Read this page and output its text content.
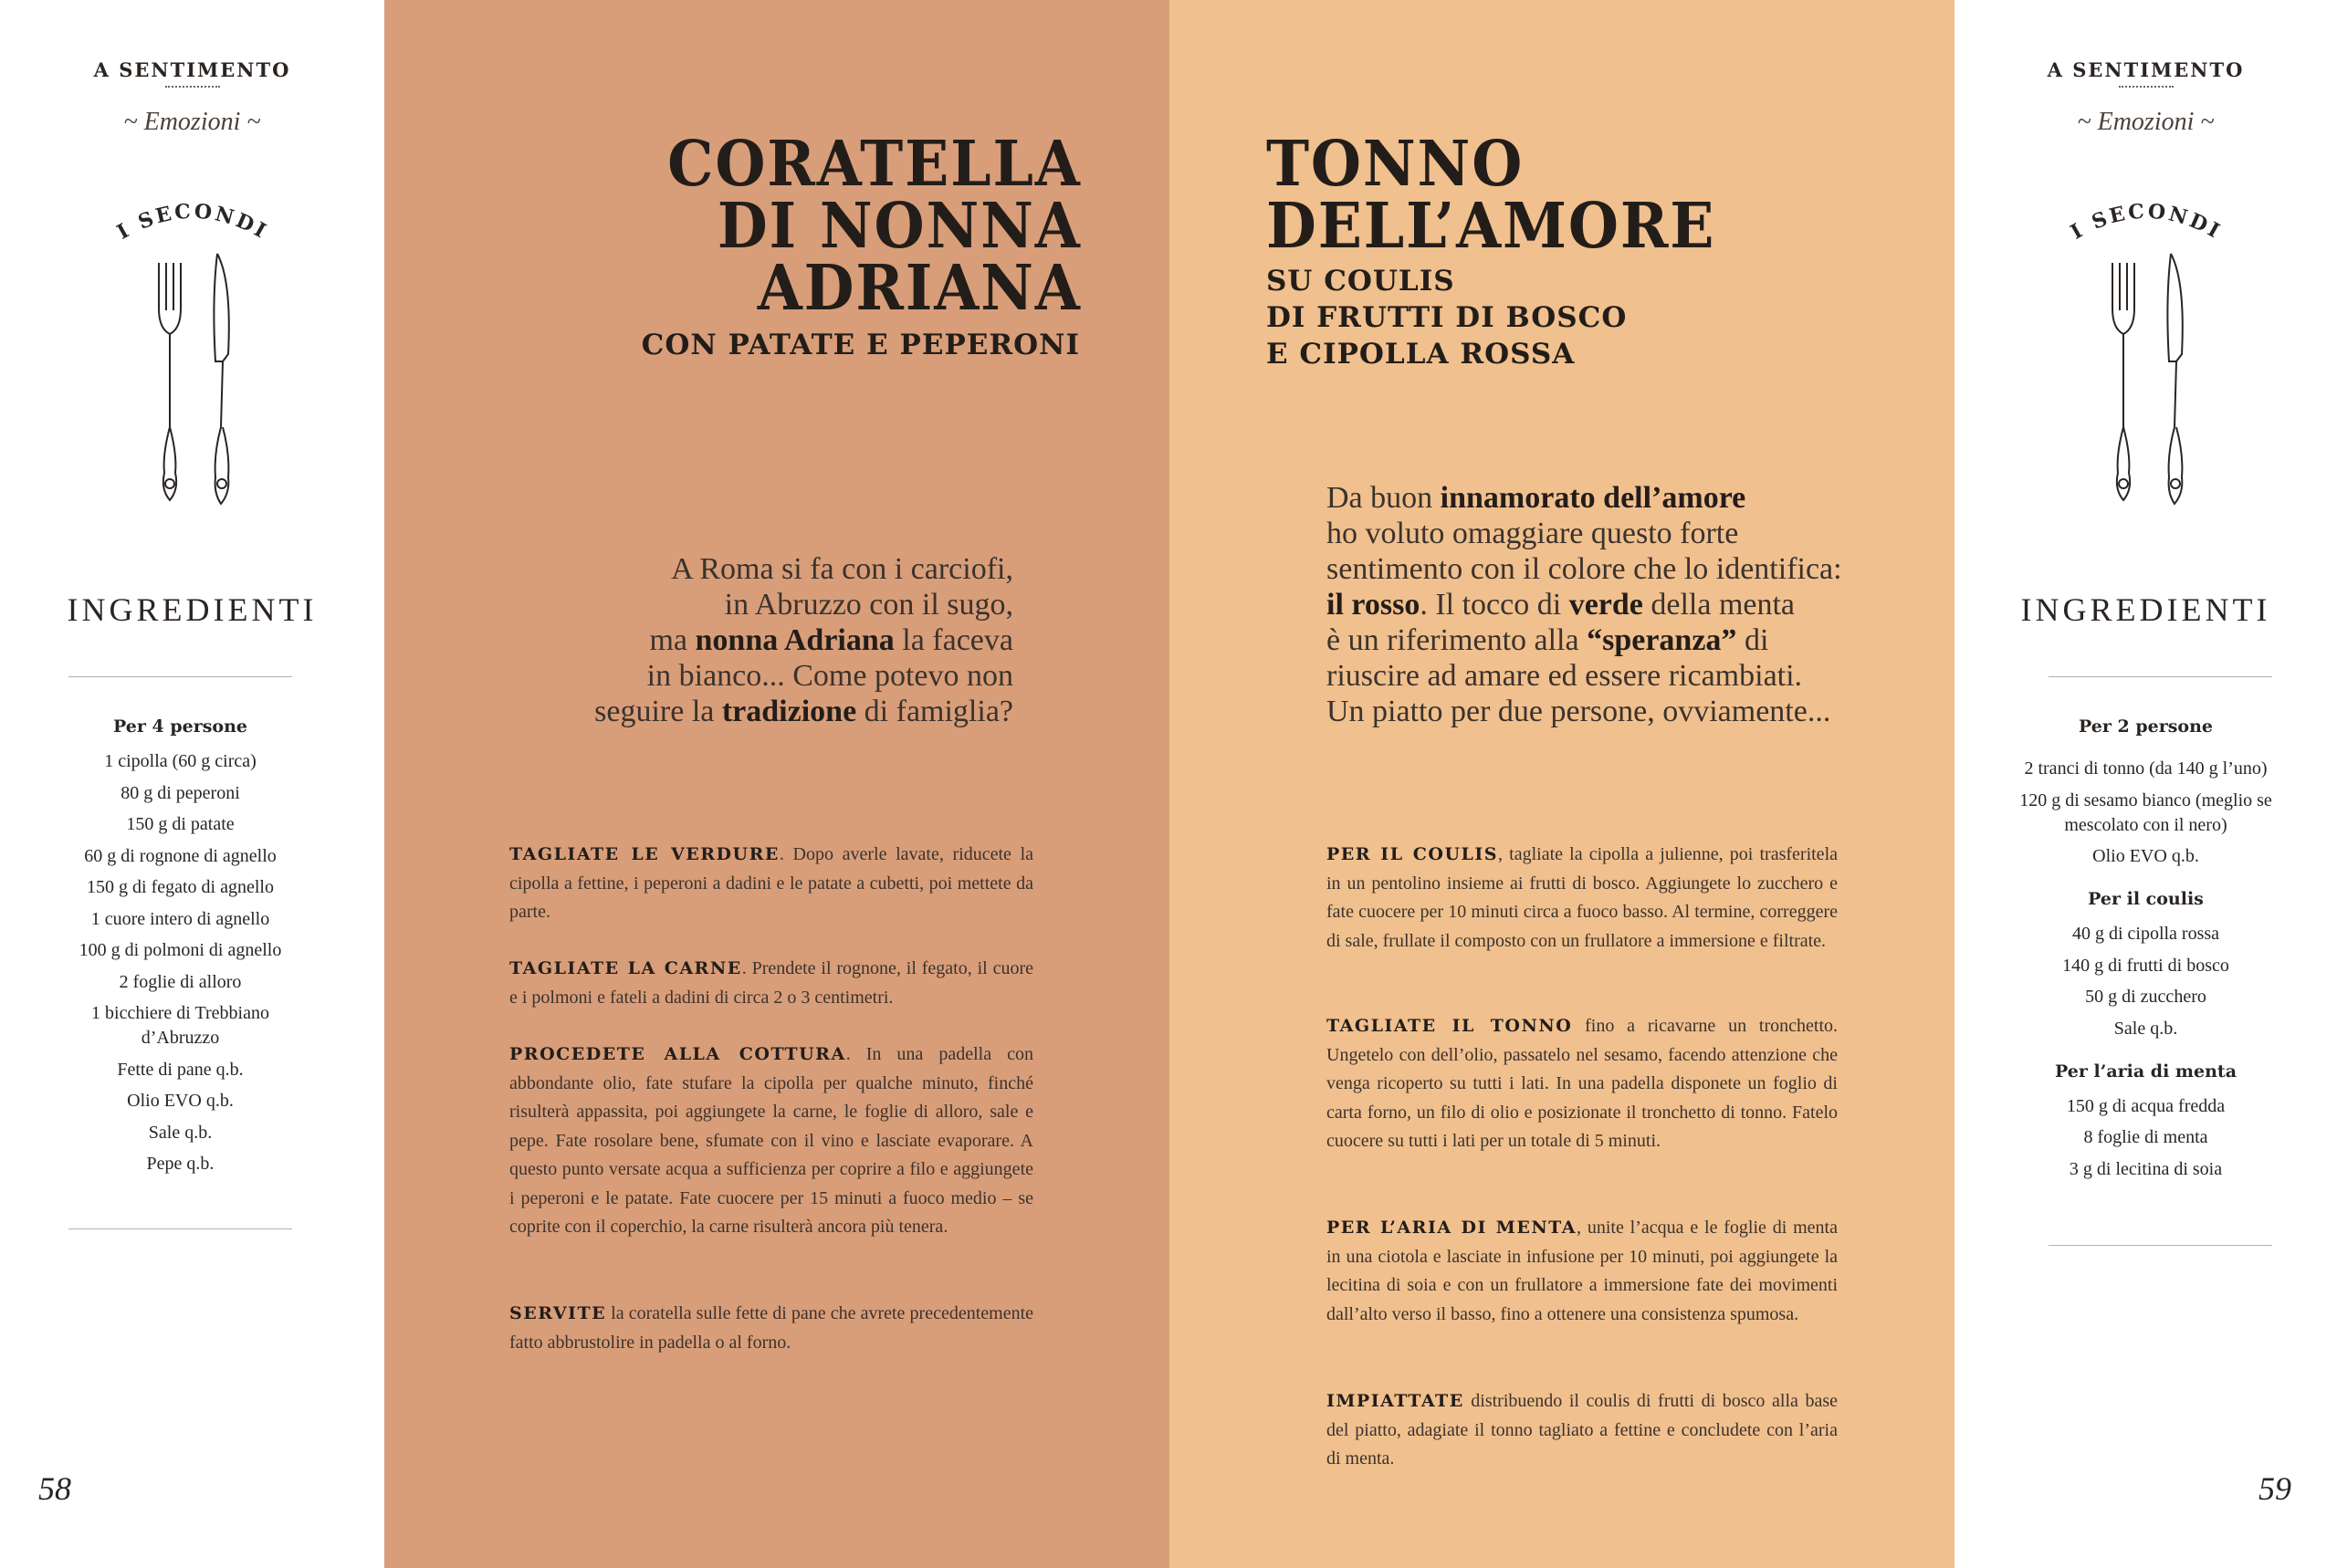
A SENTIMENTO
~ Emozioni ~
I SECONDI
INGREDIENTI

Per 4 persone

1 cipolla (60 g circa)
80 g di peperoni
150 g di patate
60 g di rognone di agnello
150 g di fegato di agnello
1 cuore intero di agnello
100 g di polmoni di agnello
2 foglie di alloro
1 bicchiere di Trebbiano d’Abruzzo
Fette di pane q.b.
Olio EVO q.b.
Sale q.b.
Pepe q.b.
58
CORATELLA
DI NONNA
ADRIANA
CON PATATE E PEPERONI
A Roma si fa con i carciofi,
in Abruzzo con il sugo,
ma nonna Adriana la faceva
in bianco... Come potevo non
seguire la tradizione di famiglia?

TAGLIATE LE VERDURE. Dopo averle lavate, riducete la cipolla a fettine, i peperoni a dadini e le patate a cubetti, poi mettete da parte.

TAGLIATE LA CARNE. Prendete il rognone, il fegato, il cuore e i polmoni e fateli a dadini di circa 2 o 3 centimetri.

PROCEDETE ALLA COTTURA. In una padella con abbondante olio, fate stufare la cipolla per qualche minuto, finché risulterà appassita, poi aggiungete la carne, le foglie di alloro, sale e pepe. Fate rosolare bene, sfumate con il vino e lasciate evaporare. A questo punto versate acqua a sufficienza per coprire a filo e aggiungete i peperoni e le patate. Fate cuocere per 15 minuti a fuoco medio – se coprite con il coperchio, la carne risulterà ancora più tenera.

SERVITE la coratella sulle fette di pane che avrete precedentemente fatto abbrustolire in padella o al forno.

TONNO
DELL’AMORE
SU COULIS
DI FRUTTI DI BOSCO
E CIPOLLA ROSSA
Da buon innamorato dell’amore
ho voluto omaggiare questo forte
sentimento con il colore che lo identifica:
il rosso. Il tocco di verde della menta
è un riferimento alla “speranza” di
riuscire ad amare ed essere ricambiati.
Un piatto per due persone, ovviamente...

PER IL COULIS, tagliate la cipolla a julienne, poi trasferitela in un pentolino insieme ai frutti di bosco. Aggiungete lo zucchero e fate cuocere per 10 minuti circa a fuoco basso. Al termine, correggere di sale, frullate il composto con un frullatore a immersione e filtrate.

TAGLIATE IL TONNO fino a ricavarne un tronchetto. Ungetelo con dell’olio, passatelo nel sesamo, facendo attenzione che venga ricoperto su tutti i lati. In una padella disponete un foglio di carta forno, un filo di olio e posizionate il tronchetto di tonno. Fatelo cuocere su tutti i lati per un totale di 5 minuti.

PER L’ARIA DI MENTA, unite l’acqua e le foglie di menta in una ciotola e lasciate in infusione per 10 minuti, poi aggiungete la lecitina di soia e con un frullatore a immersione fate dei movimenti dall’alto verso il basso, fino a ottenere una consistenza spumosa.

IMPIATTATE distribuendo il coulis di frutti di bosco alla base del piatto, adagiate il tonno tagliato a fettine e concludete con l’aria di menta.

A SENTIMENTO
~ Emozioni ~
I SECONDI
INGREDIENTI

Per 2 persone

2 tranci di tonno (da 140 g l’uno)
120 g di sesamo bianco (meglio se mescolato con il nero)
Olio EVO q.b.

Per il coulis

40 g di cipolla rossa
140 g di frutti di bosco
50 g di zucchero
Sale q.b.

Per l’aria di menta

150 g di acqua fredda
8 foglie di menta
3 g di lecitina di soia
59
